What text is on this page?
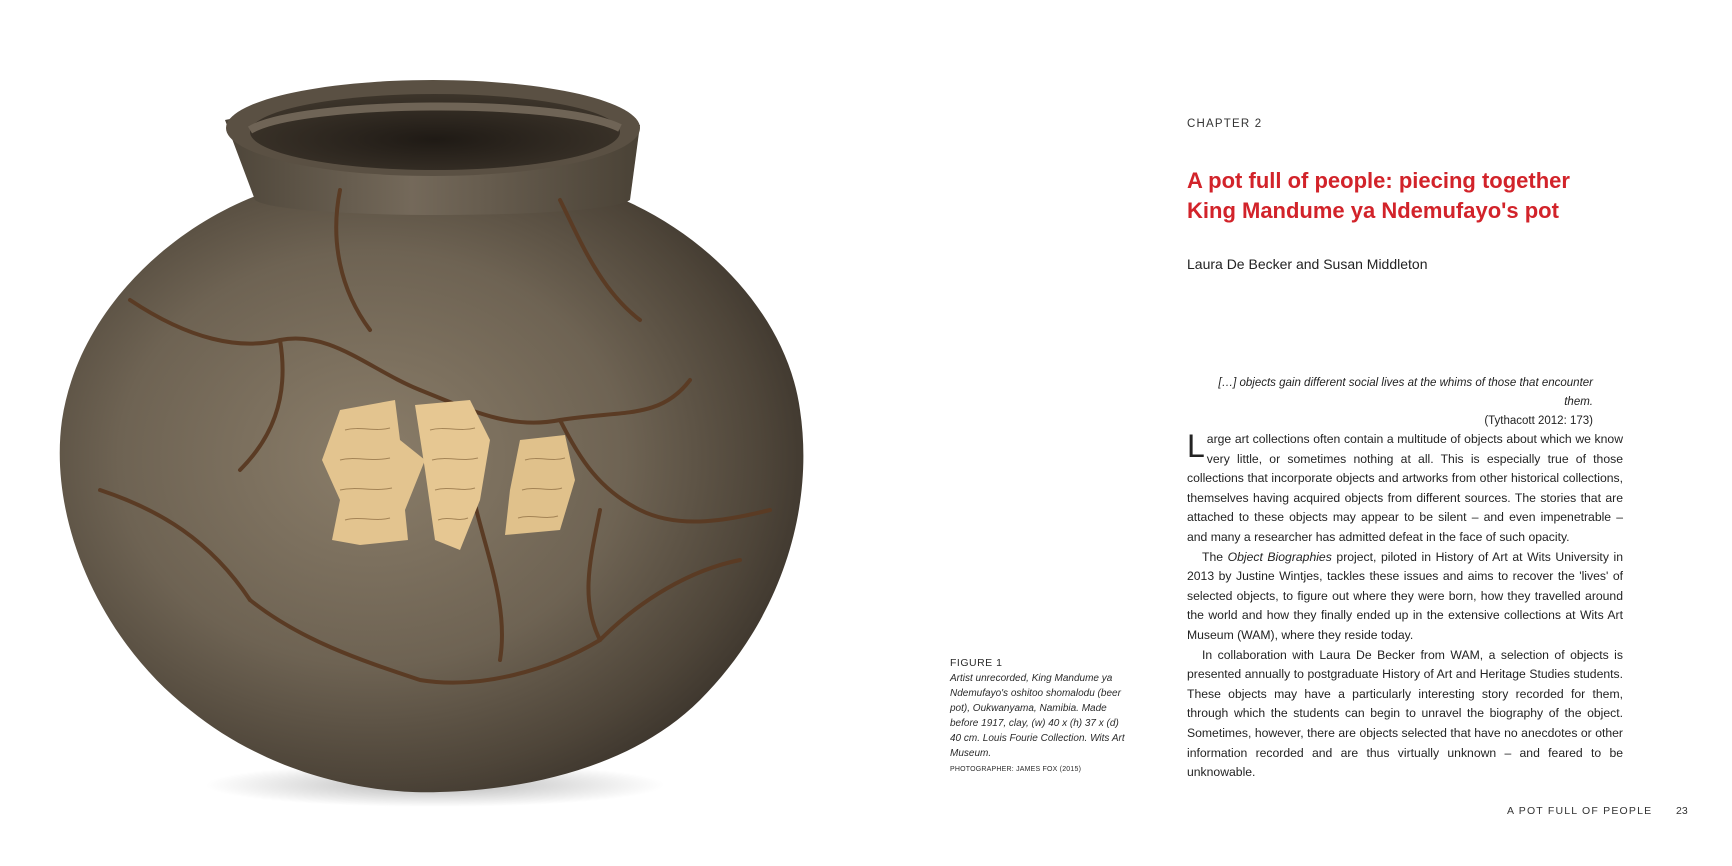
FIGURE 1
Artist unrecorded, King Mandume ya Ndemufayo's oshitoo shomalodu (beer pot), Oukwanyama, Namibia. Made before 1917, clay, (w) 40 x (h) 37 x (d) 40 cm. Louis Fourie Collection. Wits Art Museum.
PHOTOGRAPHER: JAMES FOX (2015)
CHAPTER 2
A pot full of people: piecing together
King Mandume ya Ndemufayo's pot
Laura De Becker and Susan Middleton
[…] objects gain different social lives at the whims of those that encounter them.
(Tythacott 2012: 173)

Large art collections often contain a multitude of objects about which we know very little, or sometimes nothing at all. This is especially true of those collections that incorporate objects and artworks from other historical collections, themselves having acquired objects from different sources. The stories that are attached to these objects may appear to be silent – and even impenetrable – and many a researcher has admitted defeat in the face of such opacity.

The Object Biographies project, piloted in History of Art at Wits University in 2013 by Justine Wintjes, tackles these issues and aims to recover the 'lives' of selected objects, to figure out where they were born, how they travelled around the world and how they finally ended up in the extensive collections at Wits Art Museum (WAM), where they reside today.

In collaboration with Laura De Becker from WAM, a selection of objects is presented annually to postgraduate History of Art and Heritage Studies students. These objects may have a particularly interesting story recorded for them, through which the students can begin to unravel the biography of the object. Sometimes, however, there are objects selected that have no anecdotes or other information recorded and are thus virtually unknown – and feared to be unknowable.

A POT FULL OF PEOPLE 23
